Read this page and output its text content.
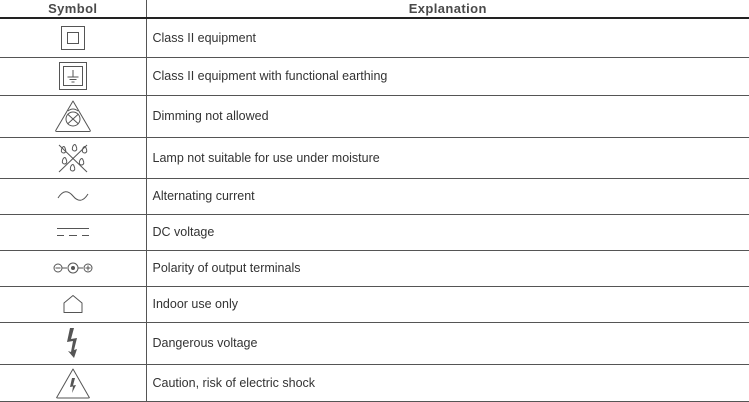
Symbol	Explanation

	Class II equipment

	Class II equipment with functional earthing

	Dimming not allowed

	Lamp not suitable for use under moisture

	Alternating current

	DC voltage

	Polarity of output terminals

	Indoor use only

	Dangerous voltage

	Caution, risk of electric shock
